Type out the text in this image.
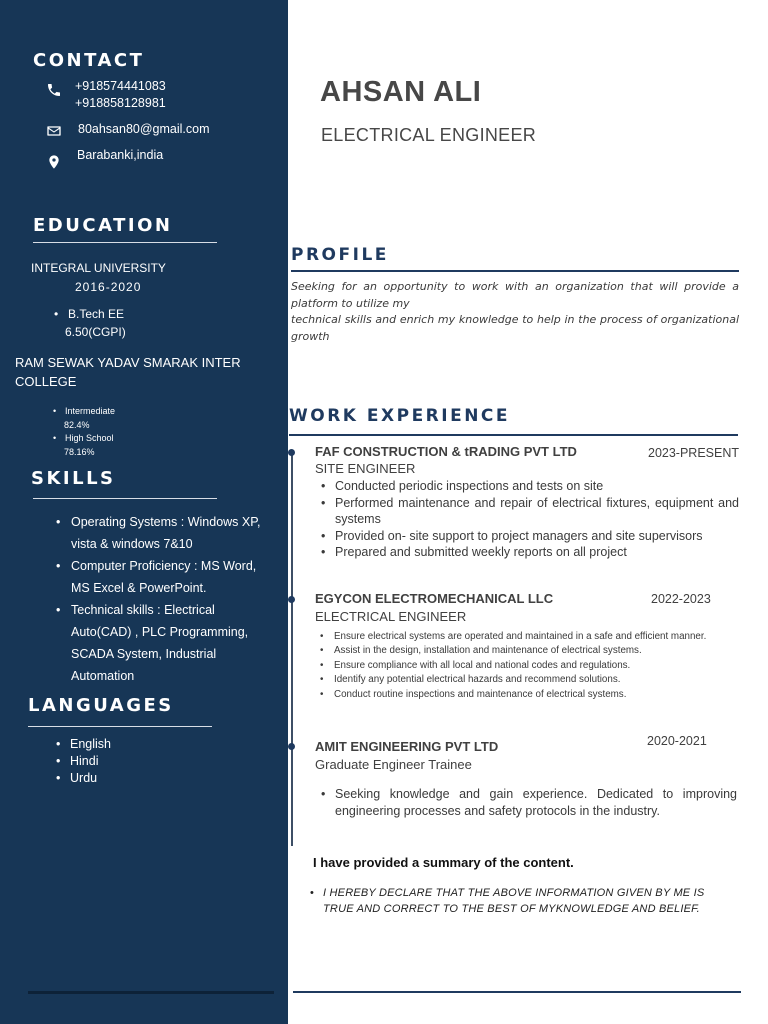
CONTACT
+918574441083
+918858128981
80ahsan80@gmail.com
Barabanki,india
EDUCATION
INTEGRAL UNIVERSITY
2016-2020
• B.Tech EE
6.50(CGPI)
RAM SEWAK YADAV SMARAK INTER COLLEGE
• Intermediate
82.4%
• High School
78.16%
SKILLS
• Operating Systems : Windows XP, vista & windows 7&10
• Computer Proficiency : MS Word, MS Excel & PowerPoint.
• Technical skills : Electrical Auto(CAD) , PLC Programming, SCADA System, Industrial Automation
LANGUAGES
• English
• Hindi
• Urdu
AHSAN ALI
ELECTRICAL ENGINEER
PROFILE
Seeking for an opportunity to work with an organization that will provide a platform to utilize my
technical skills and enrich my knowledge to help in the process of organizational growth
WORK EXPERIENCE
FAF CONSTRUCTION & tRADING PVT LTD	2023-PRESENT
SITE ENGINEER
• Conducted periodic inspections and tests on site
• Performed maintenance and repair of electrical fixtures, equipment and systems
• Provided on- site support to project managers and site supervisors
• Prepared and submitted weekly reports on all project
EGYCON ELECTROMECHANICAL LLC	2022-2023
ELECTRICAL ENGINEER
• Ensure electrical systems are operated and maintained in a safe and efficient manner.
• Assist in the design, installation and maintenance of electrical systems.
• Ensure compliance with all local and national codes and regulations.
• Identify any potential electrical hazards and recommend solutions.
• Conduct routine inspections and maintenance of electrical systems.
AMIT ENGINEERING PVT LTD	2020-2021
Graduate Engineer Trainee
• Seeking knowledge and gain experience. Dedicated to improving engineering processes and safety protocols in the industry.
I have provided a summary of the content.
• I HEREBY DECLARE THAT THE ABOVE INFORMATION GIVEN BY ME IS TRUE AND CORRECT TO THE BEST OF MYKNOWLEDGE AND BELIEF.
